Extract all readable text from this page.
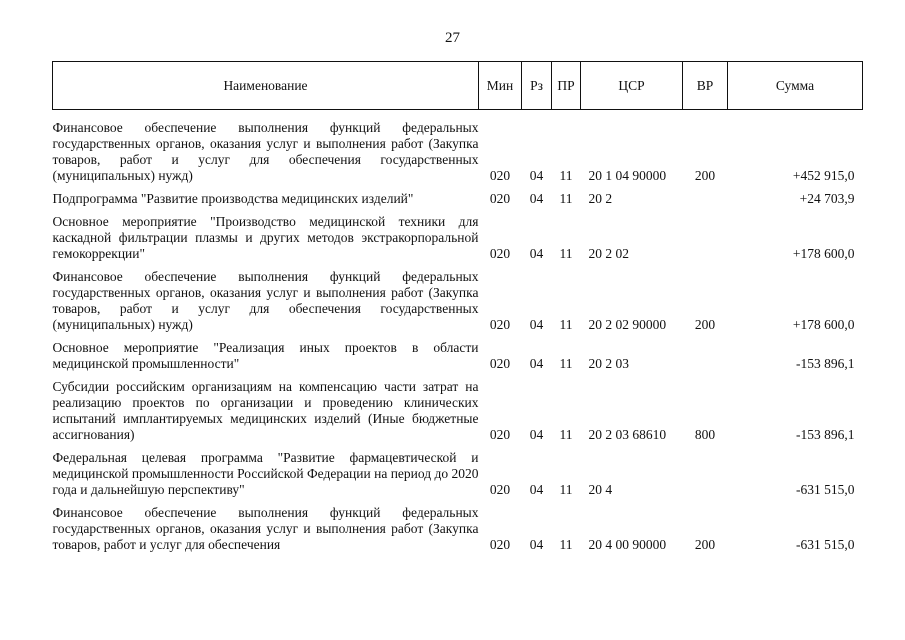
27
Наименование	Мин	Рз	ПР	ЦСР	ВР	Сумма

Финансовое обеспечение выполнения функций федеральных государственных органов, оказания услуг и выполнения работ (Закупка товаров, работ и услуг для обеспечения государственных (муниципальных) нужд)	020	04	11	20 1 04 90000	200	+452 915,0
Подпрограмма "Развитие производства медицинских изделий"	020	04	11	20 2		+24 703,9
Основное мероприятие "Производство медицинской техники для каскадной фильтрации плазмы и других методов экстракорпоральной гемокоррекции"	020	04	11	20 2 02		+178 600,0
Финансовое обеспечение выполнения функций федеральных государственных органов, оказания услуг и выполнения работ (Закупка товаров, работ и услуг для обеспечения государственных (муниципальных) нужд)	020	04	11	20 2 02 90000	200	+178 600,0
Основное мероприятие "Реализация иных проектов в области медицинской промышленности"	020	04	11	20 2 03		-153 896,1
Субсидии российским организациям на компенсацию части затрат на реализацию проектов по организации и проведению клинических испытаний имплантируемых медицинских изделий (Иные бюджетные ассигнования)	020	04	11	20 2 03 68610	800	-153 896,1
Федеральная целевая программа "Развитие фармацевтической и медицинской промышленности Российской Федерации на период до 2020 года и дальнейшую перспективу"	020	04	11	20 4		-631 515,0
Финансовое обеспечение выполнения функций федеральных государственных органов, оказания услуг и выполнения работ (Закупка товаров, работ и услуг для обеспечения	020	04	11	20 4 00 90000	200	-631 515,0
